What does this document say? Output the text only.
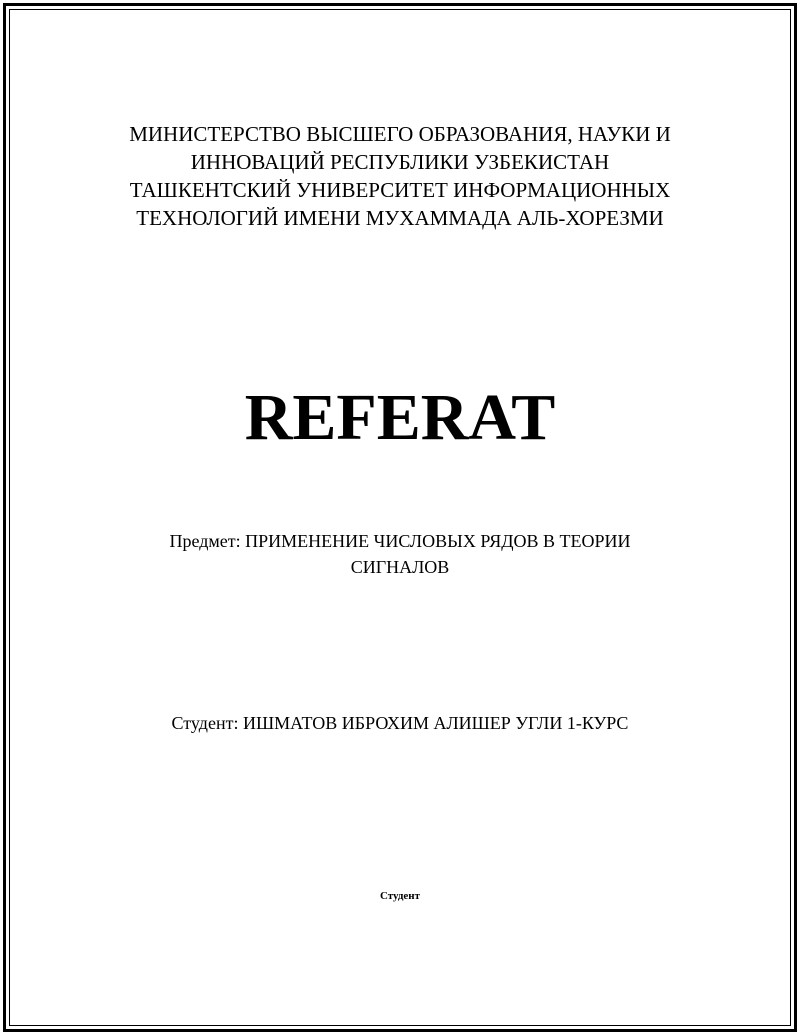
МИНИСТЕРСТВО ВЫСШЕГО ОБРАЗОВАНИЯ, НАУКИ И
ИННОВАЦИЙ РЕСПУБЛИКИ УЗБЕКИСТАН
ТАШКЕНТСКИЙ УНИВЕРСИТЕТ ИНФОРМАЦИОННЫХ
ТЕХНОЛОГИЙ ИМЕНИ МУХАММАДА АЛЬ-ХОРЕЗМИ
REFERAT
Предмет: ПРИМЕНЕНИЕ ЧИСЛОВЫХ РЯДОВ В ТЕОРИИ
СИГНАЛОВ
Студент: ИШМАТОВ ИБРОХИМ АЛИШЕР УГЛИ 1-КУРС
Студент
